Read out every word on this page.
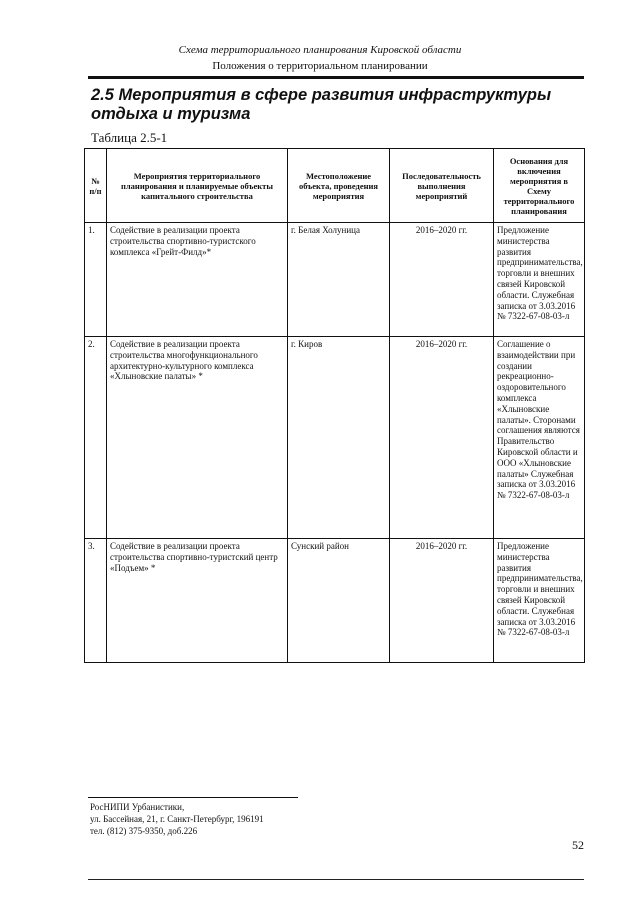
Схема территориального планирования Кировской области
Положения о территориальном планировании
2.5 Мероприятия в сфере развития инфраструктуры отдыха и туризма
Таблица 2.5-1
№ п/п	Мероприятия территориального планирования и планируемые объекты капитального строительства	Местоположение объекта, проведения мероприятия	Последовательность выполнения мероприятий	Основания для включения мероприятия в Схему территориального планирования
1.	Содействие в реализации проекта строительства спортивно-туристского комплекса «Грейт-Филд»*	г. Белая Холуница	2016–2020 гг.	Предложение министерства развития предпринимательства, торговли и внешних связей Кировской области. Служебная записка от 3.03.2016 № 7322-67-08-03-л
2.	Содействие в реализации проекта строительства многофункционального архитектурно-культурного комплекса «Хлыновские палаты» *	г. Киров	2016–2020 гг.	Соглашение о взаимодействии при создании рекреационно-оздоровительного комплекса «Хлыновские палаты». Сторонами соглашения являются Правительство Кировской области и ООО «Хлыновские палаты» Служебная записка от 3.03.2016 № 7322-67-08-03-л
3.	Содействие в реализации проекта строительства спортивно-туристский центр «Подъем» *	Сунский район	2016–2020 гг.	Предложение министерства развития предпринимательства, торговли и внешних связей Кировской области. Служебная записка от 3.03.2016 № 7322-67-08-03-л
РосНИПИ Урбанистики,
ул. Бассейная, 21, г. Санкт-Петербург, 196191
тел. (812) 375-9350, доб.226
52
